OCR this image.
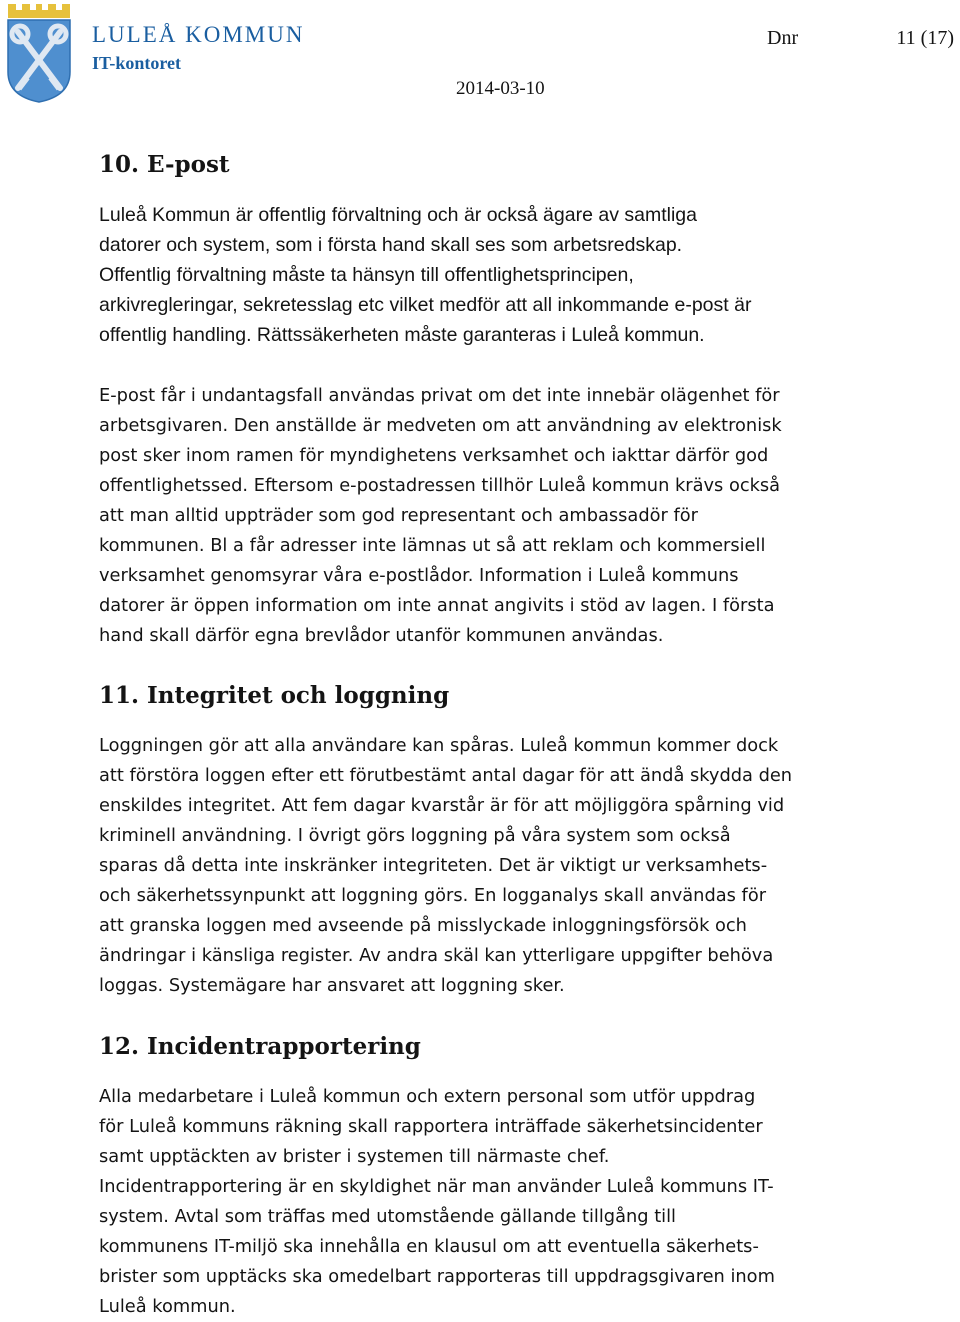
LULEÅ KOMMUN
IT-kontoret
Dnr	11 (17)
2014-03-10
10. E-post

Luleå Kommun är offentlig förvaltning och är också ägare av samtliga
datorer och system, som i första hand skall ses som arbetsredskap.
Offentlig förvaltning måste ta hänsyn till offentlighetsprincipen,
arkivregleringar, sekretesslag etc vilket medför att all inkommande e-post är
offentlig handling. Rättssäkerheten måste garanteras i Luleå kommun.

E-post får i undantagsfall användas privat om det inte innebär olägenhet för
arbetsgivaren. Den anställde är medveten om att användning av elektronisk
post sker inom ramen för myndighetens verksamhet och iakttar därför god
offentlighetssed. Eftersom e-postadressen tillhör Luleå kommun krävs också
att man alltid uppträder som god representant och ambassadör för
kommunen. Bl a får adresser inte lämnas ut så att reklam och kommersiell
verksamhet genomsyrar våra e-postlådor. Information i Luleå kommuns
datorer är öppen information om inte annat angivits i stöd av lagen. I första
hand skall därför egna brevlådor utanför kommunen användas.

11. Integritet och loggning

Loggningen gör att alla användare kan spåras. Luleå kommun kommer dock
att förstöra loggen efter ett förutbestämt antal dagar för att ändå skydda den
enskildes integritet. Att fem dagar kvarstår är för att möjliggöra spårning vid
kriminell användning. I övrigt görs loggning på våra system som också
sparas då detta inte inskränker integriteten. Det är viktigt ur verksamhets-
och säkerhetssynpunkt att loggning görs. En logganalys skall användas för
att granska loggen med avseende på misslyckade inloggningsförsök och
ändringar i känsliga register. Av andra skäl kan ytterligare uppgifter behöva
loggas. Systemägare har ansvaret att loggning sker.

12. Incidentrapportering

Alla medarbetare i Luleå kommun och extern personal som utför uppdrag
för Luleå kommuns räkning skall rapportera inträffade säkerhetsincidenter
samt upptäckten av brister i systemen till närmaste chef.
Incidentrapportering är en skyldighet när man använder Luleå kommuns IT-
system. Avtal som träffas med utomstående gällande tillgång till
kommunens IT-miljö ska innehålla en klausul om att eventuella säkerhets-
brister som upptäcks ska omedelbart rapporteras till uppdragsgivaren inom
Luleå kommun.
